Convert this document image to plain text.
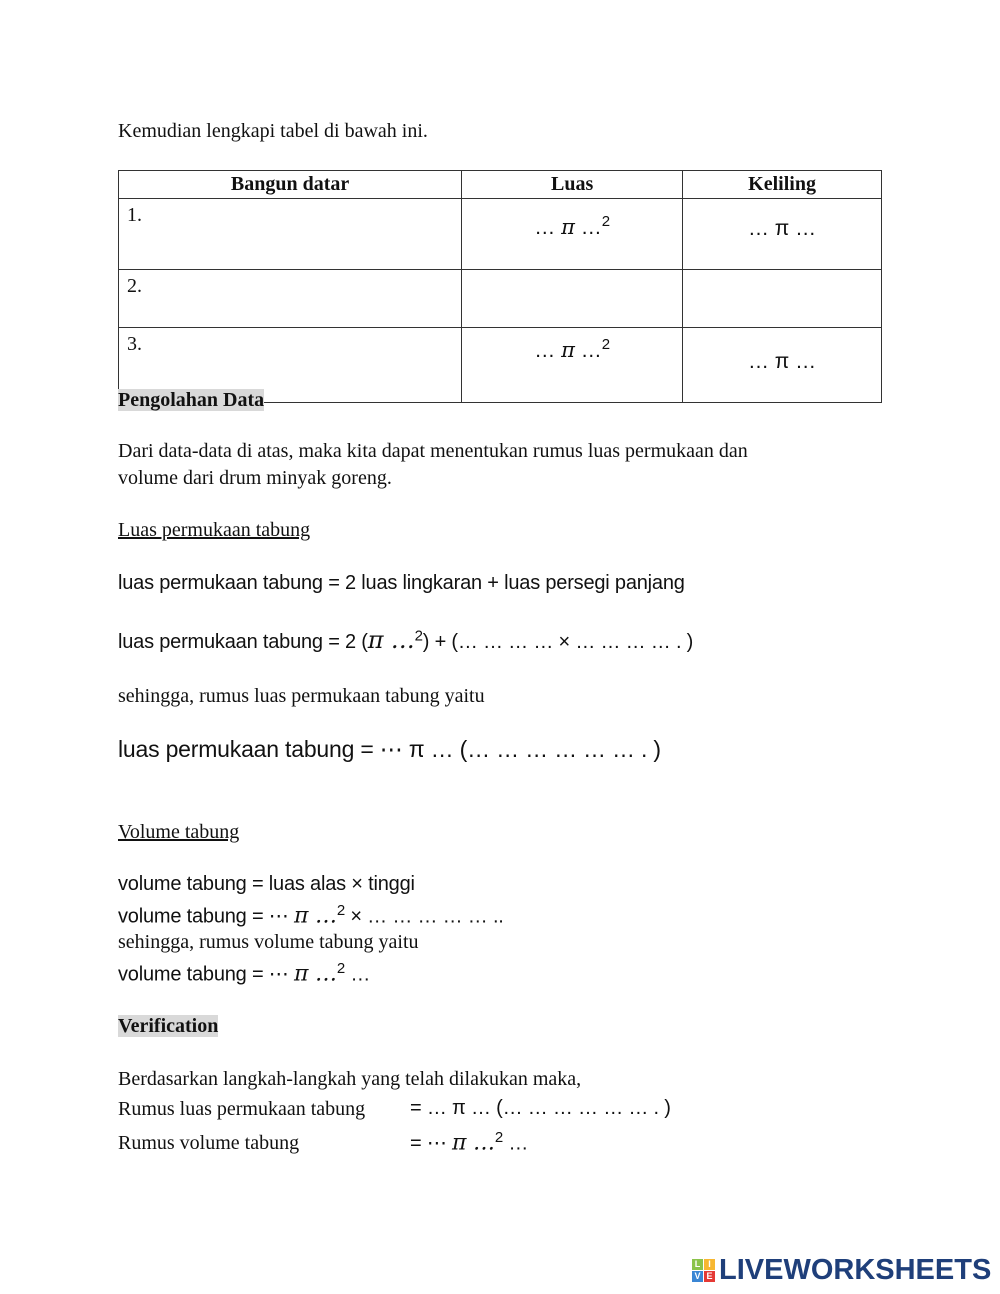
Kemudian lengkapi tabel di bawah ini.
Bangun datar	Luas	Keliling
1.	… π …$^2$	… π …
2.		
3.	… π …$^2$	… π …
Pengolahan Data
Dari data-data di atas, maka kita dapat menentukan rumus luas permukaan dan
volume dari drum minyak goreng.
Luas permukaan tabung
luas permukaan tabung = 2 luas lingkaran + luas persegi panjang
luas permukaan tabung = 2 (π …$^2$) + (… … … … × … … … … . )
sehingga, rumus luas permukaan tabung yaitu
luas permukaan tabung = ⋯ π … (… … … … … … . )
Volume tabung
volume tabung = luas alas × tinggi
volume tabung = ⋯ π …$^2$ × … … … … … ..
sehingga, rumus volume tabung yaitu
volume tabung = ⋯ π …$^2$ …
Verification
Berdasarkan langkah-langkah yang telah dilakukan maka,
Rumus luas permukaan tabung = … π … (… … … … … … . )
Rumus volume tabung	= ⋯ π …$^2$ …
L I
V E LIVEWORKSHEETS
